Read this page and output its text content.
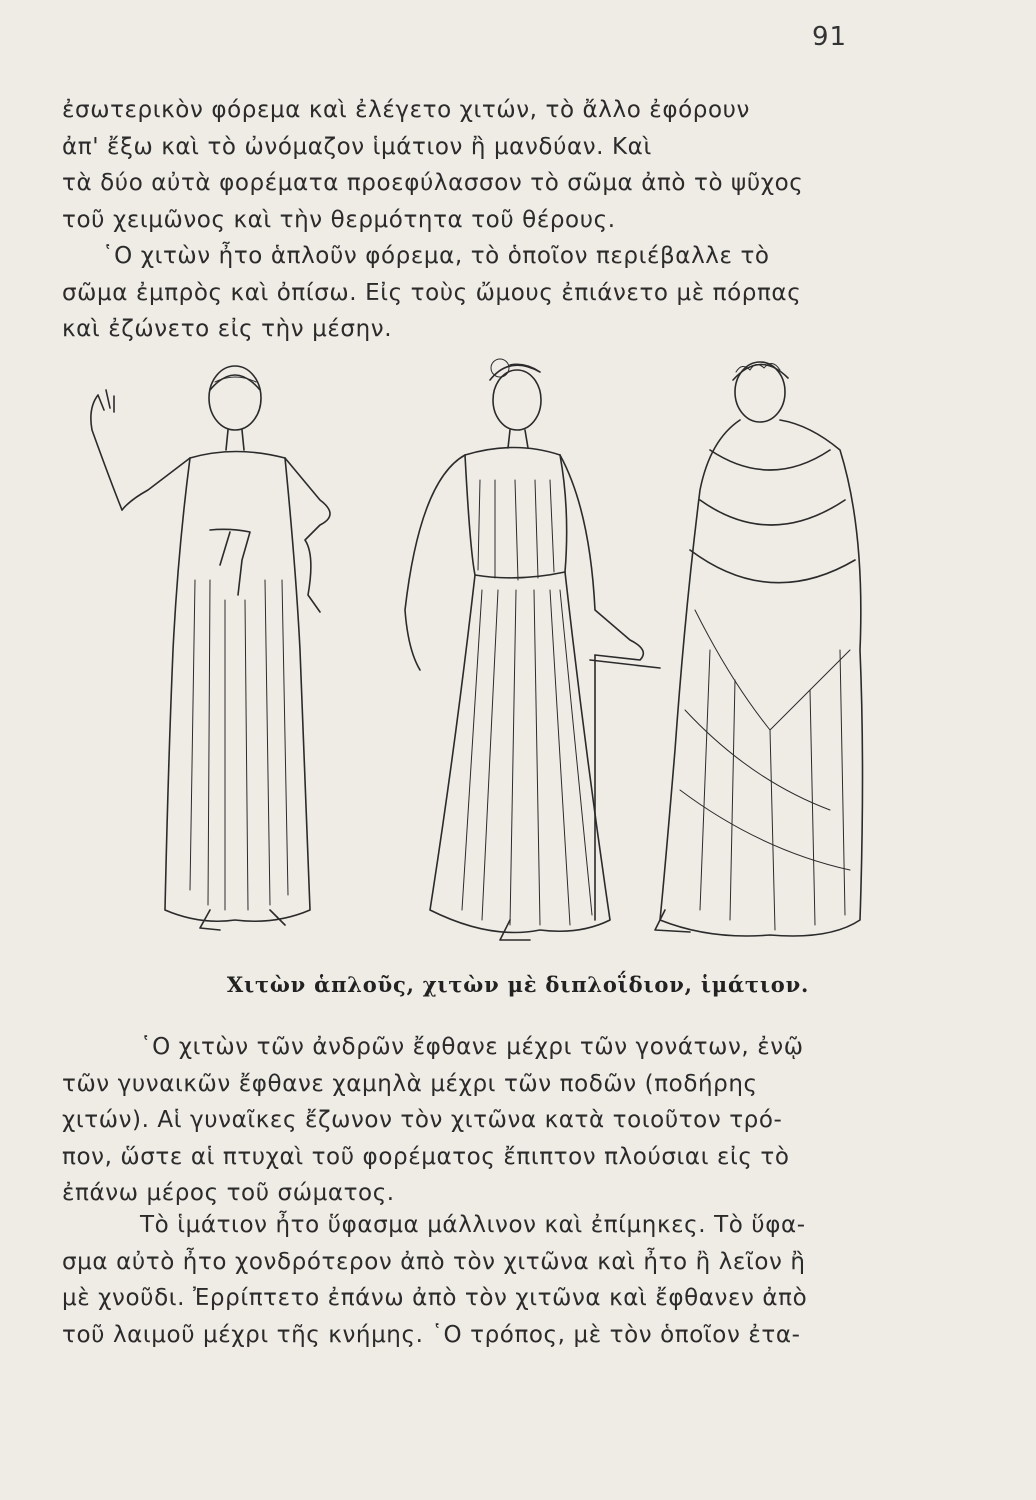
91
ἐσωτερικὸν φόρεμα καὶ ἐλέγετο χιτών, τὸ ἄλλο ἐφόρουν
ἀπ' ἔξω καὶ τὸ ὠνόμαζον ἱμάτιον ἢ μανδύαν. Καὶ
τὰ δύο αὐτὰ φορέματα προεφύλασσον τὸ σῶμα ἀπὸ τὸ ψῦχος
τοῦ χειμῶνος καὶ τὴν θερμότητα τοῦ θέρους.
῾Ο χιτὼν ἦτο ἁπλοῦν φόρεμα, τὸ ὁποῖον περιέβαλλε τὸ
σῶμα ἐμπρὸς καὶ ὀπίσω. Εἰς τοὺς ὤμους ἐπιάνετο μὲ πόρπας
καὶ ἐζώνετο εἰς τὴν μέσην.
Χιτὼν ἁπλοῦς, χιτὼν μὲ διπλοΐδιον, ἱμάτιον.
῾Ο χιτὼν τῶν ἀνδρῶν ἔφθανε μέχρι τῶν γονάτων, ἐνῷ
τῶν γυναικῶν ἔφθανε χαμηλὰ μέχρι τῶν ποδῶν (ποδήρης
χιτών). Αἱ γυναῖκες ἔζωνον τὸν χιτῶνα κατὰ τοιοῦτον τρό-
πον, ὥστε αἱ πτυχαὶ τοῦ φορέματος ἔπιπτον πλούσιαι εἰς τὸ
ἐπάνω μέρος τοῦ σώματος.
Τὸ ἱμάτιον ἦτο ὕφασμα μάλλινον καὶ ἐπίμηκες. Τὸ ὕφα-
σμα αὐτὸ ἦτο χονδρότερον ἀπὸ τὸν χιτῶνα καὶ ἦτο ἢ λεῖον ἢ
μὲ χνοῦδι. Ἐρρίπτετο ἐπάνω ἀπὸ τὸν χιτῶνα καὶ ἔφθανεν ἀπὸ
τοῦ λαιμοῦ μέχρι τῆς κνήμης. ῾Ο τρόπος, μὲ τὸν ὁποῖον ἐτα-
